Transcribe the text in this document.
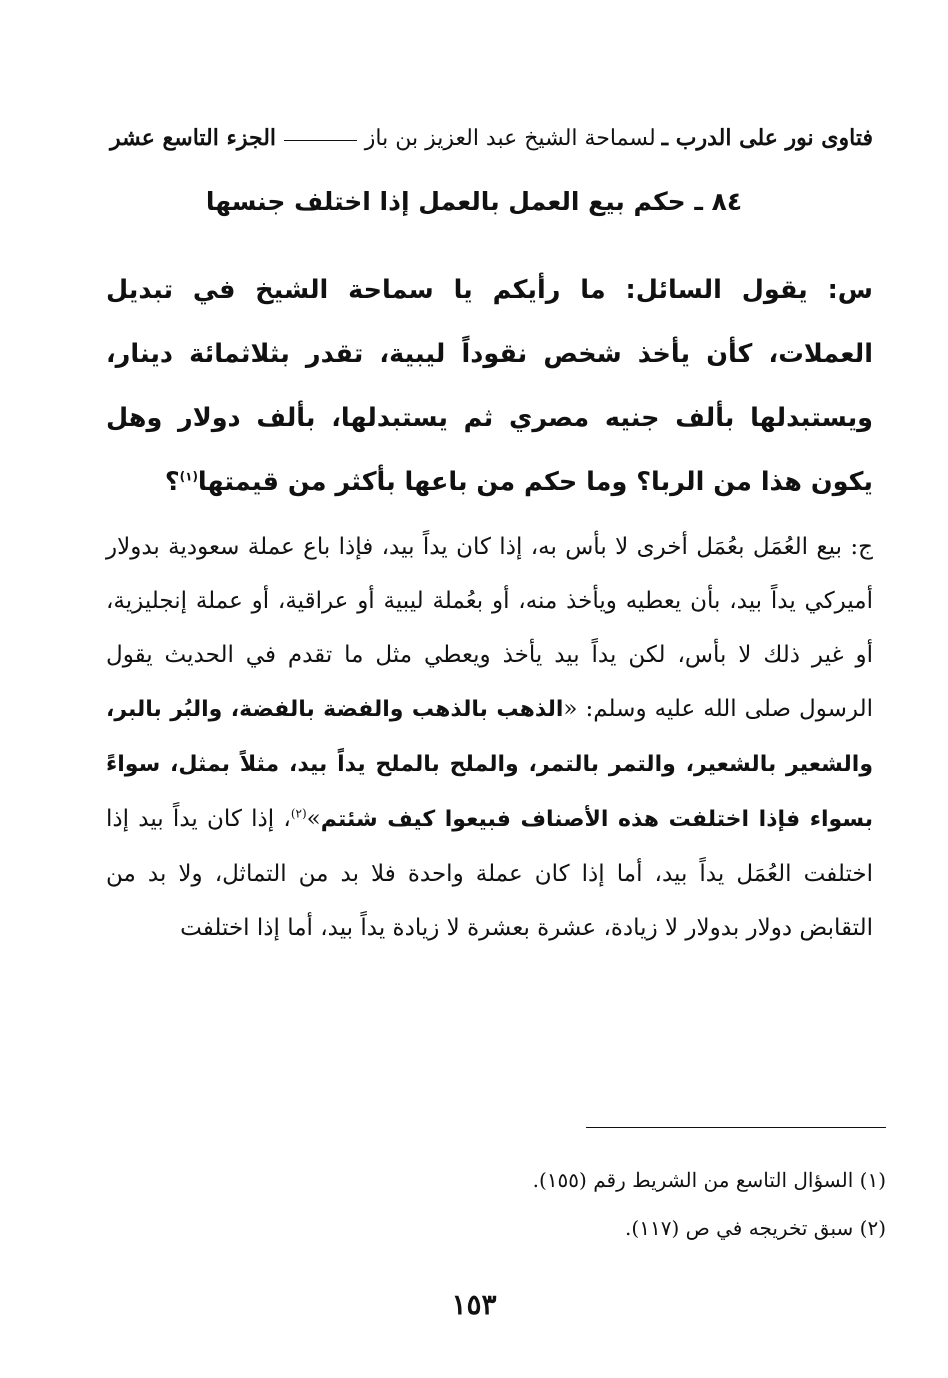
فتاوى نور على الدرب ـ
لسماحة الشيخ عبد العزيز بن باز
الجزء التاسع عشر
٨٤ ـ حكم بيع العمل بالعمل إذا اختلف جنسها
س: يقول السائل: ما رأيكم يا سماحة الشيخ في تبديل العملات، كأن يأخذ شخص نقوداً ليبية، تقدر بثلاثمائة دينار، ويستبدلها بألف جنيه مصري ثم يستبدلها، بألف دولار وهل يكون هذا من الربا؟ وما حكم من باعها بأكثر من قيمتها$^{(١)}$؟
ج: بيع العُمَل بعُمَل أخرى لا بأس به، إذا كان يداً بيد، فإذا باع عملة سعودية بدولار أميركي يداً بيد، بأن يعطيه ويأخذ منه، أو بعُملة ليبية أو عراقية، أو عملة إنجليزية، أو غير ذلك لا بأس، لكن يداً بيد يأخذ ويعطي مثل ما تقدم في الحديث يقول الرسول صلى الله عليه وسلم: «الذهب بالذهب والفضة بالفضة، والبُر بالبر، والشعير بالشعير، والتمر بالتمر، والملح بالملح يداً بيد، مثلاً بمثل، سواءً بسواء فإذا اختلفت هذه الأصناف فبيعوا كيف شئتم»$^{(٢)}$، إذا كان يداً بيد إذا اختلفت العُمَل يداً بيد، أما إذا كان عملة واحدة فلا بد من التماثل، ولا بد من التقابض دولار بدولار لا زيادة، عشرة بعشرة لا زيادة يداً بيد، أما إذا اختلفت
(١) السؤال التاسع من الشريط رقم (١٥٥).
(٢) سبق تخريجه في ص (١١٧).
١٥٣
